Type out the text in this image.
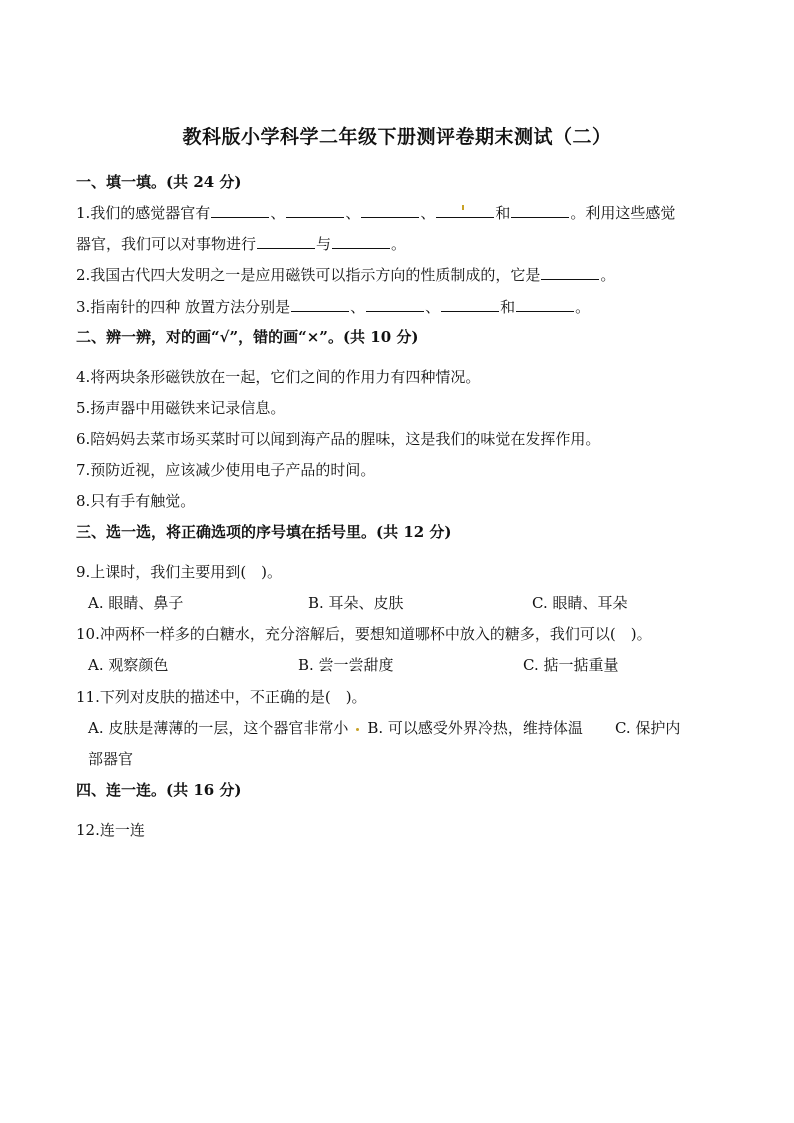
教科版小学科学二年级下册测评卷期末测试（二）
一、填一填。(共 24 分)
1.我们的感觉器官有	、	、	、	和	。利用这些感觉
器官，我们可以对事物进行	与	。
2.我国古代四大发明之一是应用磁铁可以指示方向的性质制成的，它是	。
3.指南针的四种 放置方法分别是	、	、	和	。
二、辨一辨，对的画“√”，错的画“×”。(共 10 分)
4.将两块条形磁铁放在一起，它们之间的作用力有四种情况。
5.扬声器中用磁铁来记录信息。
6.陪妈妈去菜市场买菜时可以闻到海产品的腥味，这是我们的味觉在发挥作用。
7.预防近视，应该减少使用电子产品的时间。
8.只有手有触觉。
三、选一选，将正确选项的序号填在括号里。(共 12 分)
9.上课时，我们主要用到(　)。
A. 眼睛、鼻子	B. 耳朵、皮肤	C. 眼睛、耳朵
10.冲两杯一样多的白糖水，充分溶解后，要想知道哪杯中放入的糖多，我们可以(　)。
A. 观察颜色	B. 尝一尝甜度	C. 掂一掂重量
11.下列对皮肤的描述中，不正确的是(　)。
A. 皮肤是薄薄的一层，这个器官非常小 B. 可以感受外界冷热，维持体温 C. 保护内
部器官
四、连一连。(共 16 分)
12.连一连
